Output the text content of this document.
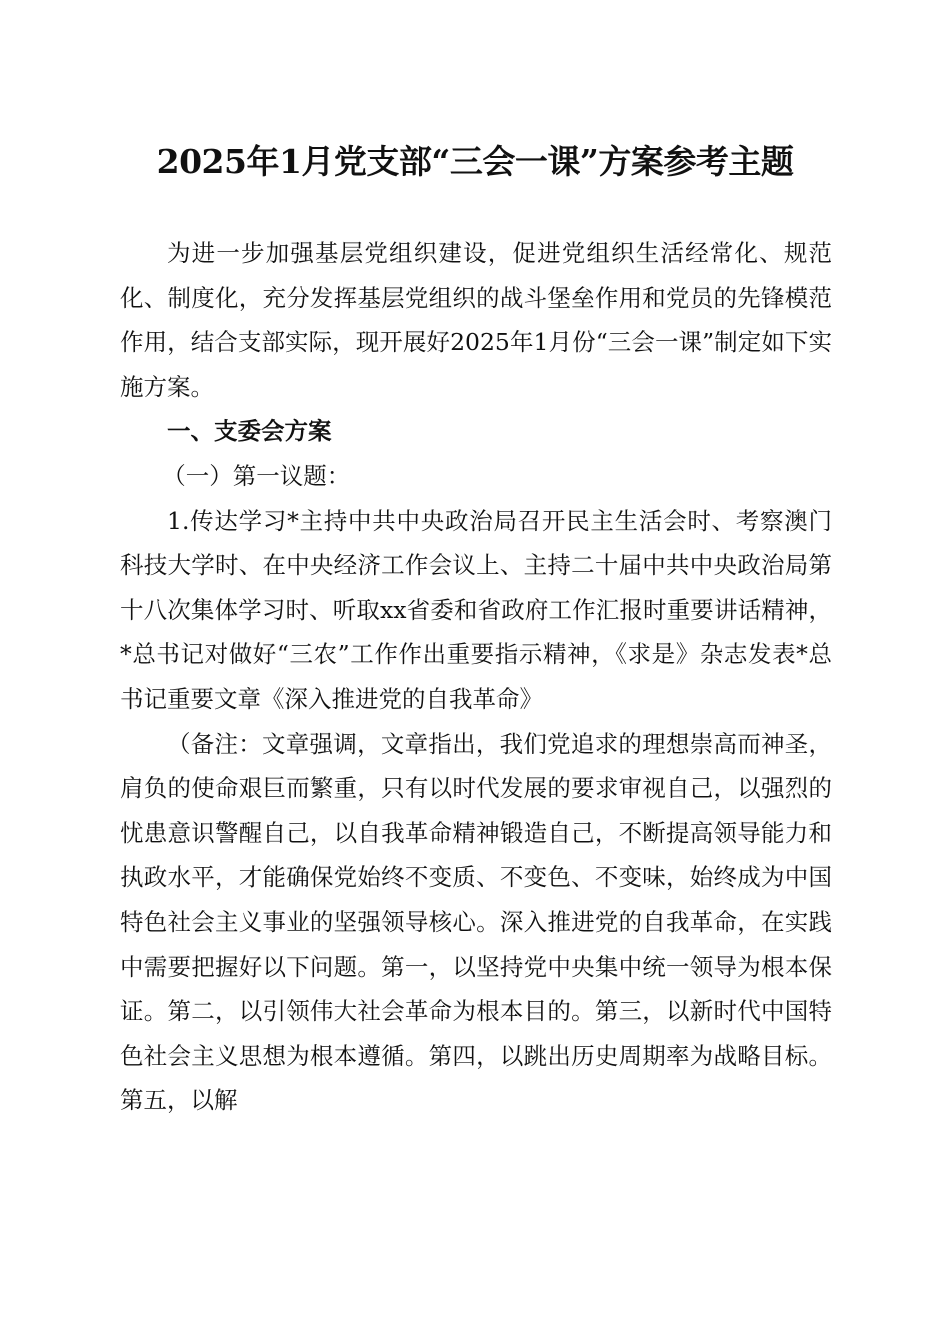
2025年1月党支部“三会一课”方案参考主题

为进一步加强基层党组织建设，促进党组织生活经常化、规范化、制度化，充分发挥基层党组织的战斗堡垒作用和党员的先锋模范作用，结合支部实际，现开展好2025年1月份“三会一课”制定如下实施方案。

一、支委会方案

（一）第一议题：

1.传达学习*主持中共中央政治局召开民主生活会时、考察澳门科技大学时、在中央经济工作会议上、主持二十届中共中央政治局第十八次集体学习时、听取xx省委和省政府工作汇报时重要讲话精神，*总书记对做好“三农”工作作出重要指示精神，《求是》杂志发表*总书记重要文章《深入推进党的自我革命》

（备注：文章强调，文章指出，我们党追求的理想崇高而神圣，肩负的使命艰巨而繁重，只有以时代发展的要求审视自己，以强烈的忧患意识警醒自己，以自我革命精神锻造自己，不断提高领导能力和执政水平，才能确保党始终不变质、不变色、不变味，始终成为中国特色社会主义事业的坚强领导核心。深入推进党的自我革命，在实践中需要把握好以下问题。第一，以坚持党中央集中统一领导为根本保证。第二，以引领伟大社会革命为根本目的。第三，以新时代中国特色社会主义思想为根本遵循。第四，以跳出历史周期率为战略目标。第五，以解
